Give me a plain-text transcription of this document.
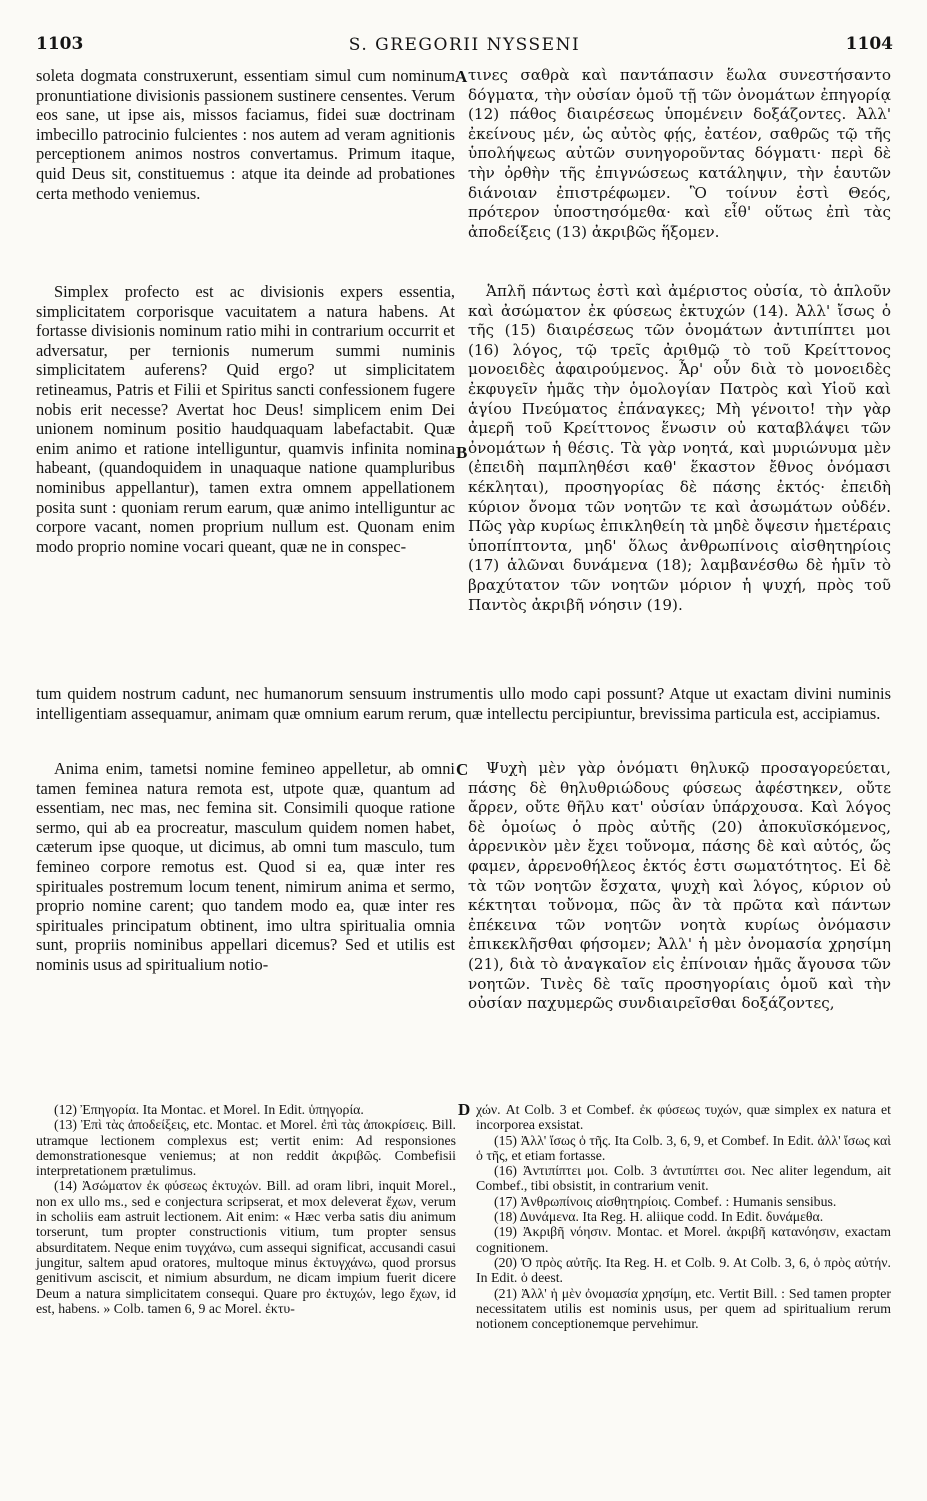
1103	S. GREGORII NYSSENI	1104

soleta dogmata construxerunt, essentiam simul cum nominum pronuntiatione divisionis passionem sustinere censentes. Verum eos sane, ut ipse ais, missos faciamus, fidei suæ doctrinam imbecillo patrocinio fulcientes : nos autem ad veram agnitionis perceptionem animos nostros convertamus. Primum itaque, quid Deus sit, constituemus : atque ita deinde ad probationes certa methodo veniemus.

A τινες σαθρὰ καὶ παντάπασιν ἕωλα συνεστήσαντο δόγματα, τὴν οὐσίαν ὁμοῦ τῇ τῶν ὀνομάτων ἐπηγορίᾳ (12) πάθος διαιρέσεως ὑπομένειν δοξάζοντες. Ἀλλ' ἐκείνους μέν, ὡς αὐτὸς φῄς, ἐατέον, σαθρῶς τῷ τῆς ὑπολήψεως αὐτῶν συνηγοροῦντας δόγματι· περὶ δὲ τὴν ὀρθὴν τῆς ἐπιγνώσεως κατάληψιν, τὴν ἑαυτῶν διάνοιαν ἐπιστρέφωμεν. Ὃ τοίνυν ἐστὶ Θεός, πρότερον ὑποστησόμεθα· καὶ εἶθ' οὕτως ἐπὶ τὰς ἀποδείξεις (13) ἀκριβῶς ἥξομεν.

Simplex profecto est ac divisionis expers essentia, simplicitatem corporisque vacuitatem a natura habens. At fortasse divisionis nominum ratio mihi in contrarium occurrit et adversatur, per ternionis numerum summi numinis simplicitatem auferens? Quid ergo? ut simplicitatem retineamus, Patris et Filii et Spiritus sancti confessionem fugere nobis erit necesse? Avertat hoc Deus! simplicem enim Dei unionem nominum positio haudquaquam labefactabit. Quæ enim animo et ratione intelliguntur, quamvis infinita nomina habeant, (quandoquidem in unaquaque natione quampluribus nominibus appellantur), tamen extra omnem appellationem posita sunt : quoniam rerum earum, quæ animo intelliguntur ac corpore vacant, nomen proprium nullum est. Quonam enim modo proprio nomine vocari queant, quæ ne in conspec-

B

Ἁπλῆ πάντως ἐστὶ καὶ ἀμέριστος οὐσία, τὸ ἁπλοῦν καὶ ἀσώματον ἐκ φύσεως ἐκτυχών (14). Ἀλλ' ἴσως ὁ τῆς (15) διαιρέσεως τῶν ὀνομάτων ἀντιπίπτει μοι (16) λόγος, τῷ τρεῖς ἀριθμῷ τὸ τοῦ Κρείττονος μονοειδὲς ἀφαιρούμενος. Ἆρ' οὖν διὰ τὸ μονοειδὲς ἐκφυγεῖν ἡμᾶς τὴν ὁμολογίαν Πατρὸς καὶ Υἱοῦ καὶ ἁγίου Πνεύματος ἐπάναγκες; Μὴ γένοιτο! τὴν γὰρ ἀμερῆ τοῦ Κρείττονος ἕνωσιν οὐ καταβλάψει τῶν ὀνομάτων ἡ θέσις. Τὰ γὰρ νοητά, καὶ μυριώνυμα μὲν (ἐπειδὴ παμπληθέσι καθ' ἕκαστον ἔθνος ὀνόμασι κέκληται), προσηγορίας δὲ πάσης ἐκτός· ἐπειδὴ κύριον ὄνομα τῶν νοητῶν τε καὶ ἀσωμάτων οὐδέν. Πῶς γὰρ κυρίως ἐπικληθείη τὰ μηδὲ ὄψεσιν ἡμετέραις ὑποπίπτοντα, μηδ' ὅλως ἀνθρωπίνοις αἰσθητηρίοις (17) ἁλῶναι δυνάμενα (18); λαμβανέσθω δὲ ἡμῖν τὸ βραχύτατον τῶν νοητῶν μόριον ἡ ψυχή, πρὸς τοῦ Παντὸς ἀκριβῆ νόησιν (19).

tum quidem nostrum cadunt, nec humanorum sensuum instrumentis ullo modo capi possunt? Atque ut exactam divini numinis intelligentiam assequamur, animam quæ omnium earum rerum, quæ intellectu percipiuntur, brevissima particula est, accipiamus.

Anima enim, tametsi nomine femineo appelletur, ab omni tamen feminea natura remota est, utpote quæ, quantum ad essentiam, nec mas, nec femina sit. Consimili quoque ratione sermo, qui ab ea procreatur, masculum quidem nomen habet, cæterum ipse quoque, ut dicimus, ab omni tum masculo, tum femineo corpore remotus est. Quod si ea, quæ inter res spirituales postremum locum tenent, nimirum anima et sermo, proprio nomine carent; quo tandem modo ea, quæ inter res spirituales principatum obtinent, imo ultra spiritualia omnia sunt, propriis nominibus appellari dicemus? Sed et utilis est nominis usus ad spiritualium notio-

C	Ψυχὴ μὲν γὰρ ὀνόματι θηλυκῷ προσαγορεύεται, πάσης δὲ θηλυθριώδους φύσεως ἀφέστηκεν, οὔτε ἄρρεν, οὔτε θῆλυ κατ' οὐσίαν ὑπάρχουσα. Καὶ λόγος δὲ ὁμοίως ὁ πρὸς αὐτῆς (20) ἀποκυϊσκόμενος, ἀρρενικὸν μὲν ἔχει τοὔνομα, πάσης δὲ καὶ αὐτός, ὥς φαμεν, ἀρρενοθήλεος ἐκτός ἐστι σωματότητος. Εἰ δὲ τὰ τῶν νοητῶν ἔσχατα, ψυχὴ καὶ λόγος, κύριον οὐ κέκτηται τοὔνομα, πῶς ἂν τὰ πρῶτα καὶ πάντων ἐπέκεινα τῶν νοητῶν νοητὰ κυρίως ὀνόμασιν ἐπικεκλῆσθαι φήσομεν; Ἀλλ' ἡ μὲν ὀνομασία χρησίμη (21), διὰ τὸ ἀναγκαῖον εἰς ἐπίνοιαν ἡμᾶς ἄγουσα τῶν νοητῶν. Τινὲς δὲ ταῖς προσηγορίαις ὁμοῦ καὶ τὴν οὐσίαν παχυμερῶς συνδιαιρεῖσθαι δοξάζοντες,

D

(12) Ἐπηγορία. Ita Montac. et Morel. In Edit. ὑπηγορία.

(13) Ἐπὶ τὰς ἀποδείξεις, etc. Montac. et Morel. ἐπὶ τὰς ἀποκρίσεις. Bill. utramque lectionem complexus est; vertit enim: Ad responsiones demonstrationesque veniemus; at non reddit ἀκριβῶς. Combefisii interpretationem prætulimus.

(14) Ἀσώματον ἐκ φύσεως ἐκτυχών. Bill. ad oram libri, inquit Morel., non ex ullo ms., sed e conjectura scripserat, et mox deleverat ἔχων, verum in scholiis eam astruit lectionem. Ait enim: « Hæc verba satis diu animum torserunt, tum propter constructionis vitium, tum propter sensus absurditatem. Neque enim τυγχάνω, cum assequi significat, accusandi casui jungitur, saltem apud oratores, multoque minus ἐκτυγχάνω, quod prorsus genitivum asciscit, et nimium absurdum, ne dicam impium fuerit dicere Deum a natura simplicitatem consequi. Quare pro ἐκτυχών, lego ἔχων, id est, habens. » Colb. tamen 6, 9 ac Morel. ἐκτυ-

χών. At Colb. 3 et Combef. ἐκ φύσεως τυχών, quæ simplex ex natura et incorporea exsistat.

(15) Ἀλλ' ἴσως ὁ τῆς. Ita Colb. 3, 6, 9, et Combef. In Edit. ἀλλ' ἴσως καὶ ὁ τῆς, et etiam fortasse.

(16) Ἀντιπίπτει μοι. Colb. 3 ἀντιπίπτει σοι. Nec aliter legendum, ait Combef., tibi obsistit, in contrarium venit.

(17) Ἀνθρωπίνοις αἰσθητηρίοις. Combef. : Humanis sensibus.

(18) Δυνάμενα. Ita Reg. H. aliique codd. In Edit. δυνάμεθα.

(19) Ἀκριβῆ νόησιν. Montac. et Morel. ἀκριβῆ κατανόησιν, exactam cognitionem.

(20) Ὁ πρὸς αὐτῆς. Ita Reg. H. et Colb. 9. At Colb. 3, 6, ὁ πρὸς αὐτήν. In Edit. ὁ deest.

(21) Ἀλλ' ἡ μὲν ὀνομασία χρησίμη, etc. Vertit Bill. : Sed tamen propter necessitatem utilis est nominis usus, per quem ad spiritualium rerum notionem conceptionemque pervehimur.
